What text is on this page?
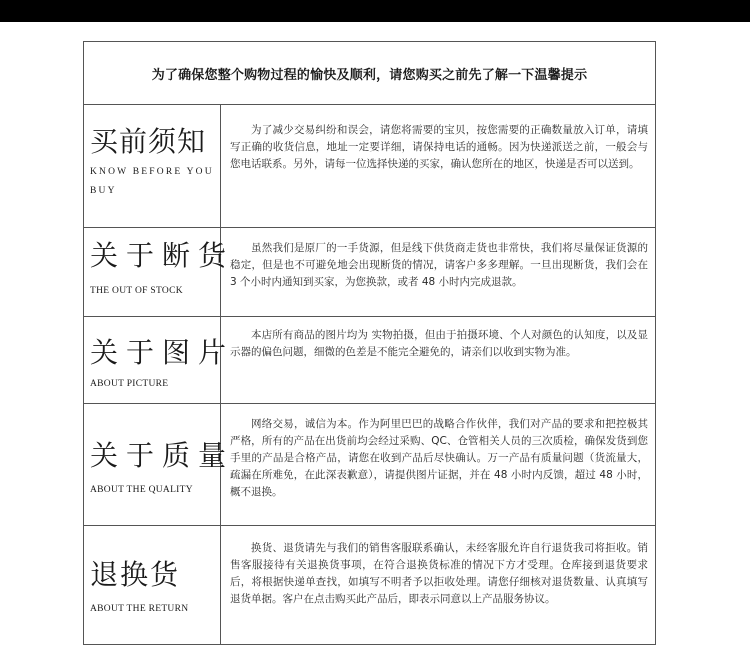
为了确保您整个购物过程的愉快及顺利，请您购买之前先了解一下温馨提示
买前须知
KNOW BEFORE YOU BUY
为了减少交易纠纷和误会，请您将需要的宝贝，按您需要的正确数量放入订单，请填写正确的收货信息，地址一定要详细，请保持电话的通畅。因为快递派送之前，一般会与您电话联系。另外，请每一位选择快递的买家，确认您所在的地区，快递是否可以送到。
关于断货
THE OUT OF STOCK
虽然我们是原厂的一手货源，但是线下供货商走货也非常快，我们将尽量保证货源的稳定，但是也不可避免地会出现断货的情况，请客户多多理解。一旦出现断货，我们会在 3 个小时内通知到买家，为您换款，或者 48 小时内完成退款。
关于图片
ABOUT PICTURE
本店所有商品的图片均为 实物拍摄，但由于拍摄环境、个人对颜色的认知度，以及显示器的偏色问题，细微的色差是不能完全避免的，请亲们以收到实物为准。
关于质量
ABOUT THE QUALITY
网络交易，诚信为本。作为阿里巴巴的战略合作伙伴，我们对产品的要求和把控极其严格，所有的产品在出货前均会经过采购、QC、仓管相关人员的三次质检，确保发货到您手里的产品是合格产品，请您在收到产品后尽快确认。万一产品有质量问题（货流量大，疏漏在所难免，在此深表歉意），请提供图片证据，并在 48 小时内反馈，超过 48 小时，概不退换。
退换货
ABOUT THE RETURN
换货、退货请先与我们的销售客服联系确认，未经客服允许自行退货我司将拒收。销售客服接待有关退换货事项，在符合退换货标准的情况下方才受理。仓库接到退货要求后，将根据快递单查找，如填写不明者予以拒收处理。请您仔细核对退货数量、认真填写退货单据。客户在点击购买此产品后，即表示同意以上产品服务协议。
